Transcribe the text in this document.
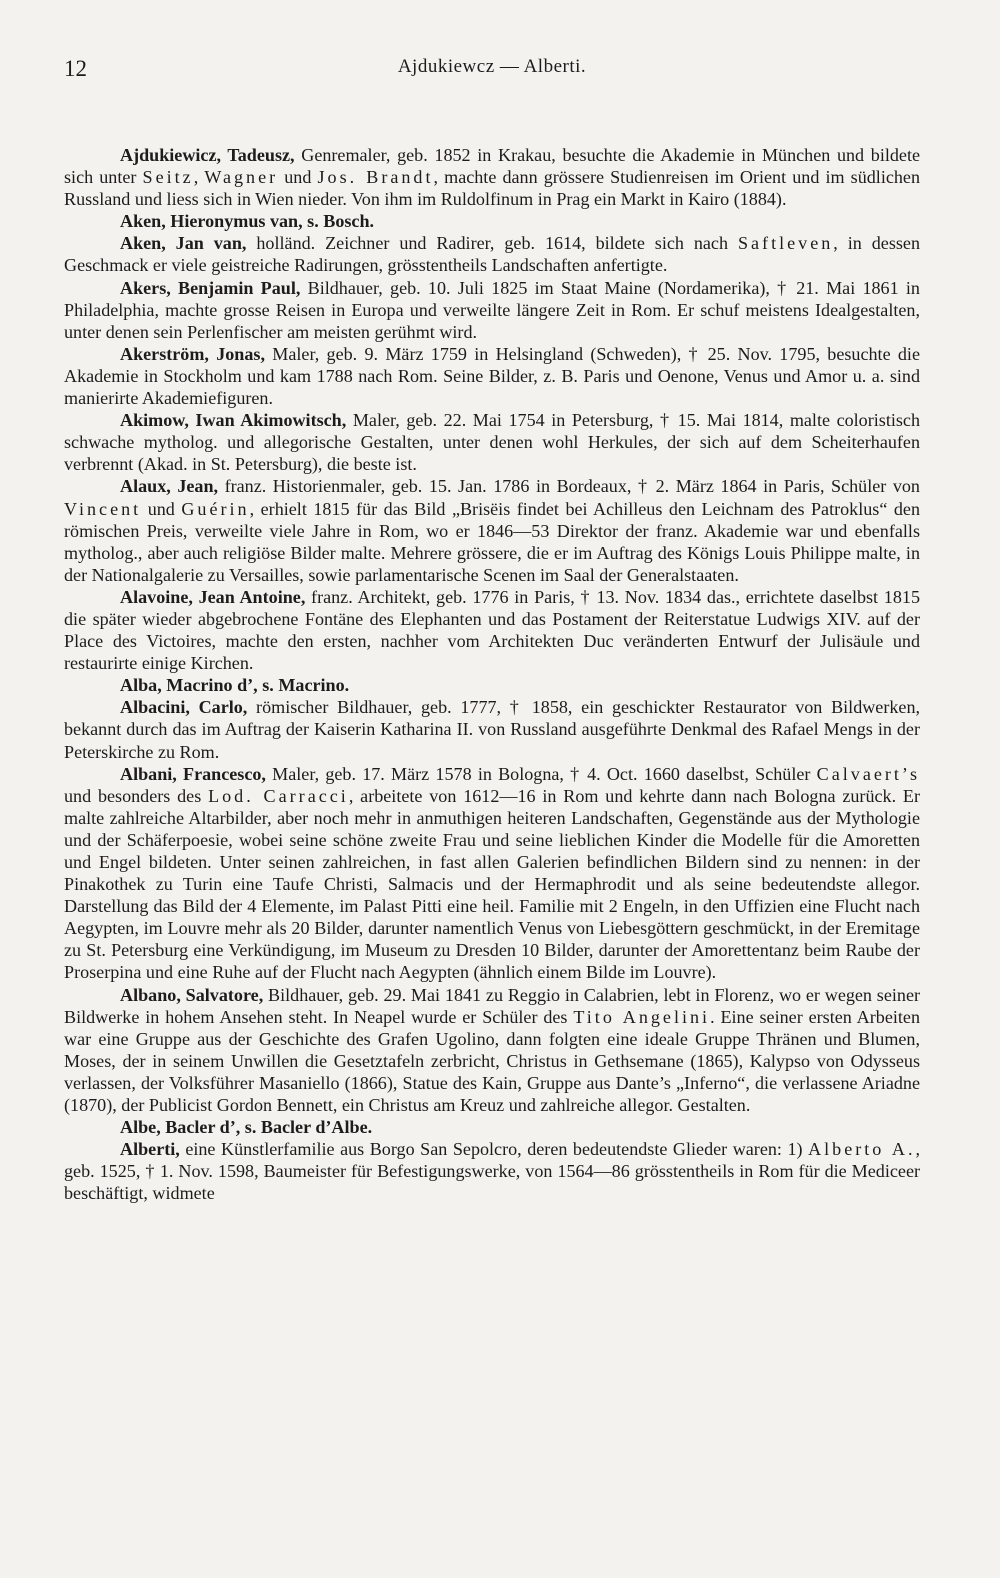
12	Ajdukiewcz — Alberti.

Ajdukiewicz, Tadeusz, Genremaler, geb. 1852 in Krakau, besuchte die Akademie in München und bildete sich unter Seitz, Wagner und Jos. Brandt, machte dann grössere Studienreisen im Orient und im südlichen Russland und liess sich in Wien nieder. Von ihm im Ruldolfinum in Prag ein Markt in Kairo (1884).

Aken, Hieronymus van, s. Bosch.

Aken, Jan van, holländ. Zeichner und Radirer, geb. 1614, bildete sich nach Saftleven, in dessen Geschmack er viele geistreiche Radirungen, grösstentheils Landschaften anfertigte.

Akers, Benjamin Paul, Bildhauer, geb. 10. Juli 1825 im Staat Maine (Nordamerika), † 21. Mai 1861 in Philadelphia, machte grosse Reisen in Europa und verweilte längere Zeit in Rom. Er schuf meistens Idealgestalten, unter denen sein Perlenfischer am meisten gerühmt wird.

Akerström, Jonas, Maler, geb. 9. März 1759 in Helsingland (Schweden), † 25. Nov. 1795, besuchte die Akademie in Stockholm und kam 1788 nach Rom. Seine Bilder, z. B. Paris und Oenone, Venus und Amor u. a. sind manierirte Akademiefiguren.

Akimow, Iwan Akimowitsch, Maler, geb. 22. Mai 1754 in Petersburg, † 15. Mai 1814, malte coloristisch schwache mytholog. und allegorische Gestalten, unter denen wohl Herkules, der sich auf dem Scheiterhaufen verbrennt (Akad. in St. Petersburg), die beste ist.

Alaux, Jean, franz. Historienmaler, geb. 15. Jan. 1786 in Bordeaux, † 2. März 1864 in Paris, Schüler von Vincent und Guérin, erhielt 1815 für das Bild „Brisëis findet bei Achilleus den Leichnam des Patroklus“ den römischen Preis, verweilte viele Jahre in Rom, wo er 1846—53 Direktor der franz. Akademie war und ebenfalls mytholog., aber auch religiöse Bilder malte. Mehrere grössere, die er im Auftrag des Königs Louis Philippe malte, in der Nationalgalerie zu Versailles, sowie parlamentarische Scenen im Saal der Generalstaaten.

Alavoine, Jean Antoine, franz. Architekt, geb. 1776 in Paris, † 13. Nov. 1834 das., errichtete daselbst 1815 die später wieder abgebrochene Fontäne des Elephanten und das Postament der Reiterstatue Ludwigs XIV. auf der Place des Victoires, machte den ersten, nachher vom Architekten Duc veränderten Entwurf der Julisäule und restaurirte einige Kirchen.

Alba, Macrino d’, s. Macrino.

Albacini, Carlo, römischer Bildhauer, geb. 1777, † 1858, ein geschickter Restaurator von Bildwerken, bekannt durch das im Auftrag der Kaiserin Katharina II. von Russland ausgeführte Denkmal des Rafael Mengs in der Peterskirche zu Rom.

Albani, Francesco, Maler, geb. 17. März 1578 in Bologna, † 4. Oct. 1660 daselbst, Schüler Calvaert’s und besonders des Lod. Carracci, arbeitete von 1612—16 in Rom und kehrte dann nach Bologna zurück. Er malte zahlreiche Altarbilder, aber noch mehr in anmuthigen heiteren Landschaften, Gegenstände aus der Mythologie und der Schäferpoesie, wobei seine schöne zweite Frau und seine lieblichen Kinder die Modelle für die Amoretten und Engel bildeten. Unter seinen zahlreichen, in fast allen Galerien befindlichen Bildern sind zu nennen: in der Pinakothek zu Turin eine Taufe Christi, Salmacis und der Hermaphrodit und als seine bedeutendste allegor. Darstellung das Bild der 4 Elemente, im Palast Pitti eine heil. Familie mit 2 Engeln, in den Uffizien eine Flucht nach Aegypten, im Louvre mehr als 20 Bilder, darunter namentlich Venus von Liebesgöttern geschmückt, in der Eremitage zu St. Petersburg eine Verkündigung, im Museum zu Dresden 10 Bilder, darunter der Amorettentanz beim Raube der Proserpina und eine Ruhe auf der Flucht nach Aegypten (ähnlich einem Bilde im Louvre).

Albano, Salvatore, Bildhauer, geb. 29. Mai 1841 zu Reggio in Calabrien, lebt in Florenz, wo er wegen seiner Bildwerke in hohem Ansehen steht. In Neapel wurde er Schüler des Tito Angelini. Eine seiner ersten Arbeiten war eine Gruppe aus der Geschichte des Grafen Ugolino, dann folgten eine ideale Gruppe Thränen und Blumen, Moses, der in seinem Unwillen die Gesetztafeln zerbricht, Christus in Gethsemane (1865), Kalypso von Odysseus verlassen, der Volksführer Masaniello (1866), Statue des Kain, Gruppe aus Dante’s „Inferno“, die verlassene Ariadne (1870), der Publicist Gordon Bennett, ein Christus am Kreuz und zahlreiche allegor. Gestalten.

Albe, Bacler d’, s. Bacler d’Albe.

Alberti, eine Künstlerfamilie aus Borgo San Sepolcro, deren bedeutendste Glieder waren: 1) Alberto A., geb. 1525, † 1. Nov. 1598, Baumeister für Befestigungswerke, von 1564—86 grösstentheils in Rom für die Mediceer beschäftigt, widmete
